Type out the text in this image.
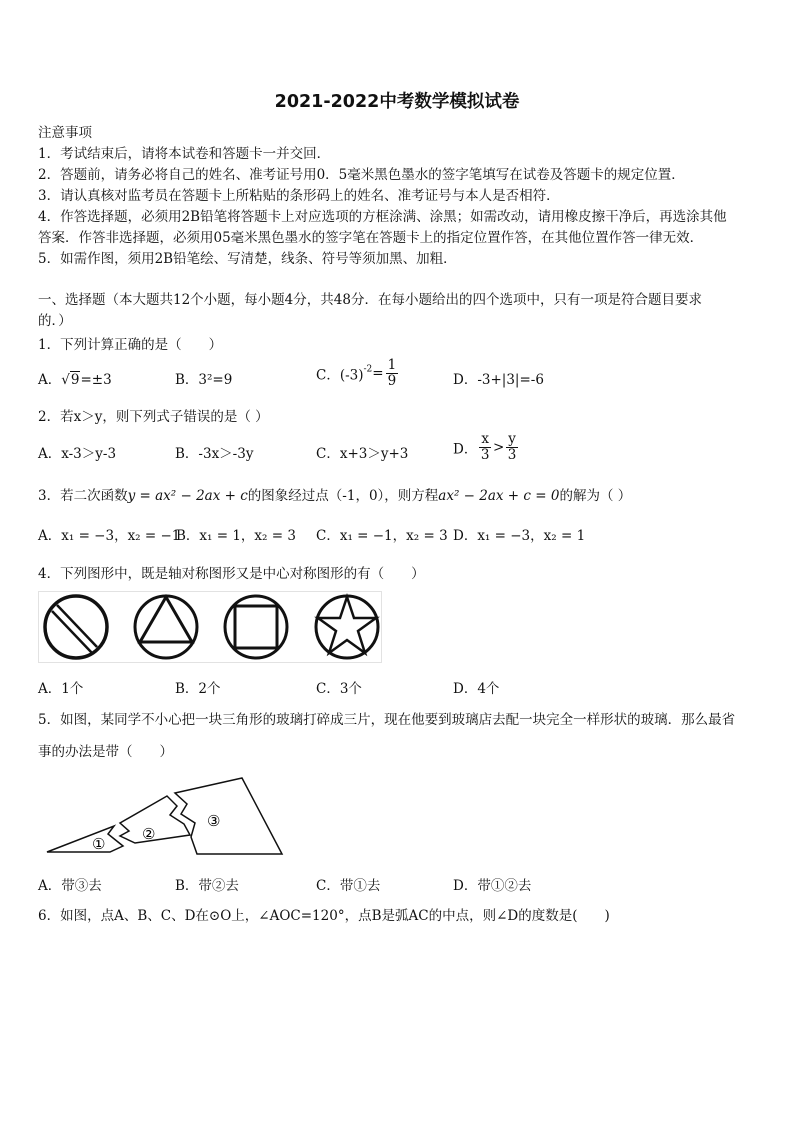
2021-2022中考数学模拟试卷
注意事项
1．考试结束后，请将本试卷和答题卡一并交回．
2．答题前，请务必将自己的姓名、准考证号用0．5毫米黑色墨水的签字笔填写在试卷及答题卡的规定位置．
3．请认真核对监考员在答题卡上所粘贴的条形码上的姓名、准考证号与本人是否相符．
4．作答选择题，必须用2B铅笔将答题卡上对应选项的方框涂满、涂黑；如需改动，请用橡皮擦干净后，再选涂其他
答案．作答非选择题，必须用05毫米黑色墨水的签字笔在答题卡上的指定位置作答，在其他位置作答一律无效．
5．如需作图，须用2B铅笔绘、写清楚，线条、符号等须加黑、加粗．
一、选择题（本大题共12个小题，每小题4分，共48分．在每小题给出的四个选项中，只有一项是符合题目要求
的．）
1．下列计算正确的是（　　）
A．√9=±3	B．3²=9	C．$(-3)^{-2}= \frac{1}{9}$	D．-3+|3|=-6
2．若x＞y，则下列式子错误的是（ ）
A．x-3＞y-3	B．-3x＞-3y	C．x+3＞y+3	D． $\frac{x}{3} > \frac{y}{3}$
3．若二次函数y = ax² − 2ax + c的图象经过点（-1，0），则方程ax² − 2ax + c = 0的解为（ ）
A．x₁ = −3，x₂ = −1
B．x₁ = 1，x₂ = 3 C．x₁ = −1，x₂ = 3 D．x₁ = −3，x₂ = 1
4．下列图形中，既是轴对称图形又是中心对称图形的有（　　）
A．1个	B．2个	C．3个	D．4个
5．如图，某同学不小心把一块三角形的玻璃打碎成三片，现在他要到玻璃店去配一块完全一样形状的玻璃．那么最省
事的办法是带（　　）
①
②
③
A．带③去	B．带②去	C．带①去	D．带①②去
6．如图，点A、B、C、D在⊙O上，∠AOC=120°，点B是弧AC的中点，则∠D的度数是(　　)
